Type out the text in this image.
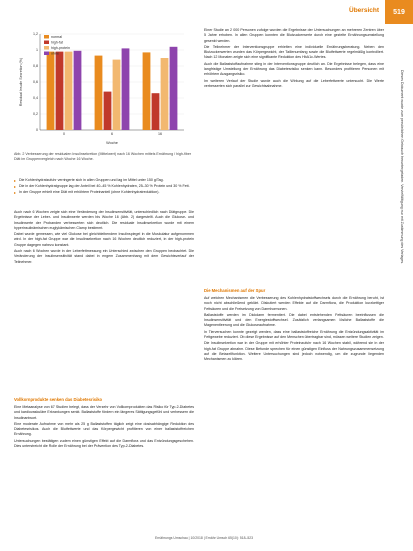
Übersicht	519
0
0,2
0,4
0,6
0,8
1
1,2
Residual Insulin Secretion (%)
Woche
0	6	16
normal
high-fat
high-protein
ohne
Abb. 2 Verbesserung der residualen Insulinsekretion (Mittelwert) nach 16 Wochen mittels Ernährung / high-fiber Diät im Gruppenvergleich nach Woche 16 Woche.
▸ Die Kohlenhydratzufuhr verringerte sich in allen Gruppen und lag im Mittel unter 150 g/Tag.
▸ Die in der Kohlenhydratgruppe lag der Anteil bei 40–45 % Kohlenhydraten, 25–30 % Protein und 30 % Fett.
▸ In der Gruppe erhielt eine Diät mit erhöhtem Proteinanteil (ohne Kohlenhydratreduktion).

Auch nach 6 Wochen zeigte sich eine Veränderung der Insulinsensitivität, unterschiedlich nach Diätgruppe. Die Ergebnisse der Leber- und Insulinwerte werden bis Woche 16 (Abb. 2) dargestellt. Auch die Glukose- und Insulinwerte der Probanden verbesserten sich deutlich. Die residuale Insulinsekretion wurde mit einem hyperinsulinämischen euglykämischen Clamp bestimmt.

Dabei wurde gemessen, wie viel Glukose bei gleichbleibendem Insulinspiegel in die Muskulatur aufgenommen wird. In der high-fat Gruppe war die Insulinsekretion nach 16 Wochen deutlich reduziert, in der high-protein Gruppe dagegen nahezu konstant.

Auch nach 6 Wochen wurde in der Leberfettmessung ein Unterschied zwischen den Gruppen beobachtet. Die Veränderung der Insulinsensitivität stand dabei in engem Zusammenhang mit dem Gewichtsverlauf der Teilnehmer.

Vollkornprodukte senken das Diabetesrisiko

Eine Metaanalyse von 67 Studien belegt, dass der Verzehr von Vollkornprodukten das Risiko für Typ-2-Diabetes und kardiovaskuläre Erkrankungen senkt. Ballaststoffe fördern ein längeres Sättigungsgefühl und verbessern die Insulinantwort.

Eine moderate Aufnahme von mehr als 25 g Ballaststoffen täglich zeigt eine dosisabhängige Reduktion des Diabetesrisikos. Auch die Blutfettwerte und das Körpergewicht profitieren von einer ballaststoffreichen Ernährung.

Untersuchungen bestätigen zudem einen günstigen Effekt auf die Darmflora und das Entzündungsgeschehen. Dies unterstreicht die Rolle der Ernährung bei der Prävention des Typ-2-Diabetes.

Einer Studie an 2 000 Personen zufolge wurden die Ergebnisse der Untersuchungen an mehreren Zentren über 5 Jahre erhoben. In allen Gruppen konnten die Blutzuckerwerte durch eine gezielte Ernährungsumstellung gesenkt werden.

Die Teilnehmer der Interventionsgruppe erhielten eine individuelle Ernährungsberatung. Neben den Blutzuckerwerten wurden das Körpergewicht, der Taillenumfang sowie die Blutfettwerte regelmäßig kontrolliert. Nach 12 Monaten zeigte sich eine signifikante Reduktion des HbA1c-Wertes.

Auch die Ballaststoffaufnahme stieg in der Interventionsgruppe deutlich an. Die Ergebnisse belegen, dass eine langfristige Umstellung der Ernährung das Diabetesrisiko senken kann. Besonders profitieren Personen mit erhöhtem Ausgangsrisiko.

Im weiteren Verlauf der Studie wurde auch die Wirkung auf die Leberfettwerte untersucht. Die Werte verbesserten sich parallel zur Gewichtsabnahme.

Die Mechanismen auf der Spur

Auf welchen Mechanismen die Verbesserung des Kohlenhydratstoffwechsels durch die Ernährung beruht, ist noch nicht abschließend geklärt. Diskutiert werden Effekte auf die Darmflora, die Produktion kurzkettiger Fettsäuren und die Freisetzung von Darmhormonen.

Ballaststoffe werden im Dickdarm fermentiert. Die dabei entstehenden Fettsäuren beeinflussen die Insulinsensitivität und den Energiestoffwechsel. Zusätzlich verlangsamen lösliche Ballaststoffe die Magenentleerung und die Glukoseaufnahme.

In Tierversuchen konnte gezeigt werden, dass eine ballaststoffreiche Ernährung die Entzündungsaktivität im Fettgewebe reduziert. Ob diese Ergebnisse auf den Menschen übertragbar sind, müssen weitere Studien zeigen.

Die Insulinsekretion war in der Gruppe mit erhöhter Proteinzufuhr nach 16 Wochen stabil, während sie in der high-fat Gruppe abnahm. Diese Befunde sprechen für einen günstigen Einfluss der Nahrungszusammensetzung auf die Betazellfunktion. Weitere Untersuchungen sind jedoch notwendig, um die zugrunde liegenden Mechanismen zu klären.

Dieses Dokument wurde zum persönlichen Gebrauch heruntergeladen. Vervielfältigung nur mit Zustimmung des Verlages.
Ernährungs Umschau | 10/2018 | Ernähr Umsch 65(10): 518–523
